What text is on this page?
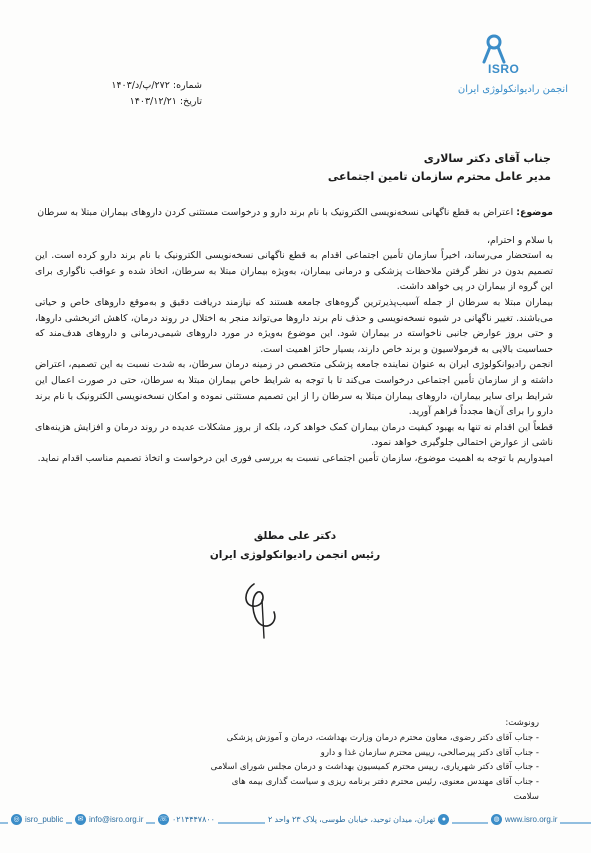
ISRO
انجمن رادیوانکولوژی ایران
شماره: ۲۷۲/پ/د/۱۴۰۳
تاریخ: ۱۴۰۳/۱۲/۲۱
جناب آقای دکتر سالاری
مدیر عامل محترم سازمان تامین اجتماعی

موضوع: اعتراض به قطع ناگهانی نسخه‌نویسی الکترونیک با نام برند دارو و درخواست مستثنی کردن داروهای بیماران مبتلا به سرطان

با سلام و احترام،

به استحضار می‌رساند، اخیراً سازمان تأمین اجتماعی اقدام به قطع ناگهانی نسخه‌نویسی الکترونیک با نام برند دارو کرده است. این تصمیم بدون در نظر گرفتن ملاحظات پزشکی و درمانی بیماران، به‌ویژه بیماران مبتلا به سرطان، اتخاذ شده و عواقب ناگواری برای این گروه از بیماران در پی خواهد داشت.

بیماران مبتلا به سرطان از جمله آسیب‌پذیرترین گروه‌های جامعه هستند که نیازمند دریافت دقیق و به‌موقع داروهای خاص و حیاتی می‌باشند. تغییر ناگهانی در شیوه نسخه‌نویسی و حذف نام برند داروها می‌تواند منجر به اختلال در روند درمان، کاهش اثربخشی داروها، و حتی بروز عوارض جانبی ناخواسته در بیماران شود. این موضوع به‌ویژه در مورد داروهای شیمی‌درمانی و داروهای هدف‌مند که حساسیت بالایی به فرمولاسیون و برند خاص دارند، بسیار حائز اهمیت است.

انجمن رادیوانکولوژی ایران به عنوان نماینده جامعه پزشکی متخصص در زمینه درمان سرطان، به شدت نسبت به این تصمیم، اعتراض داشته و از سازمان تأمین اجتماعی درخواست می‌کند تا با توجه به شرایط خاص بیماران مبتلا به سرطان، حتی در صورت اعمال این شرایط برای سایر بیماران، داروهای بیماران مبتلا به سرطان را از این تصمیم مستثنی نموده و امکان نسخه‌نویسی الکترونیک با نام برند دارو را برای آن‌ها مجدداً فراهم آورید.

قطعاً این اقدام نه تنها به بهبود کیفیت درمان بیماران کمک خواهد کرد، بلکه از بروز مشکلات عدیده در روند درمان و افزایش هزینه‌های ناشی از عوارض احتمالی جلوگیری خواهد نمود.

امیدواریم با توجه به اهمیت موضوع، سازمان تأمین اجتماعی نسبت به بررسی فوری این درخواست و اتخاذ تصمیم مناسب اقدام نماید.

دکتر علی مطلق
رئیس انجمن رادیوانکولوژی ایران
رونوشت:
- جناب آقای دکتر رضوی، معاون محترم درمان وزارت بهداشت، درمان و آموزش پزشکی
- جناب آقای دکتر پیرصالحی، رییس محترم سازمان غذا و دارو
- جناب آقای دکتر شهریاری، رییس محترم کمیسیون بهداشت و درمان مجلس شورای اسلامی
- جناب آقای مهندس معنوی، رئیس محترم دفتر برنامه ریزی و سیاست گذاری بیمه های سلامت
◎ isro_public	✉ info@isro.org.ir ☏ ۰۲۱۴۴۴۷۸۰۰	●
تهران، میدان توحید، خیابان طوسی، پلاک ۲۳ واحد ۲	◍ www.isro.org.ir
